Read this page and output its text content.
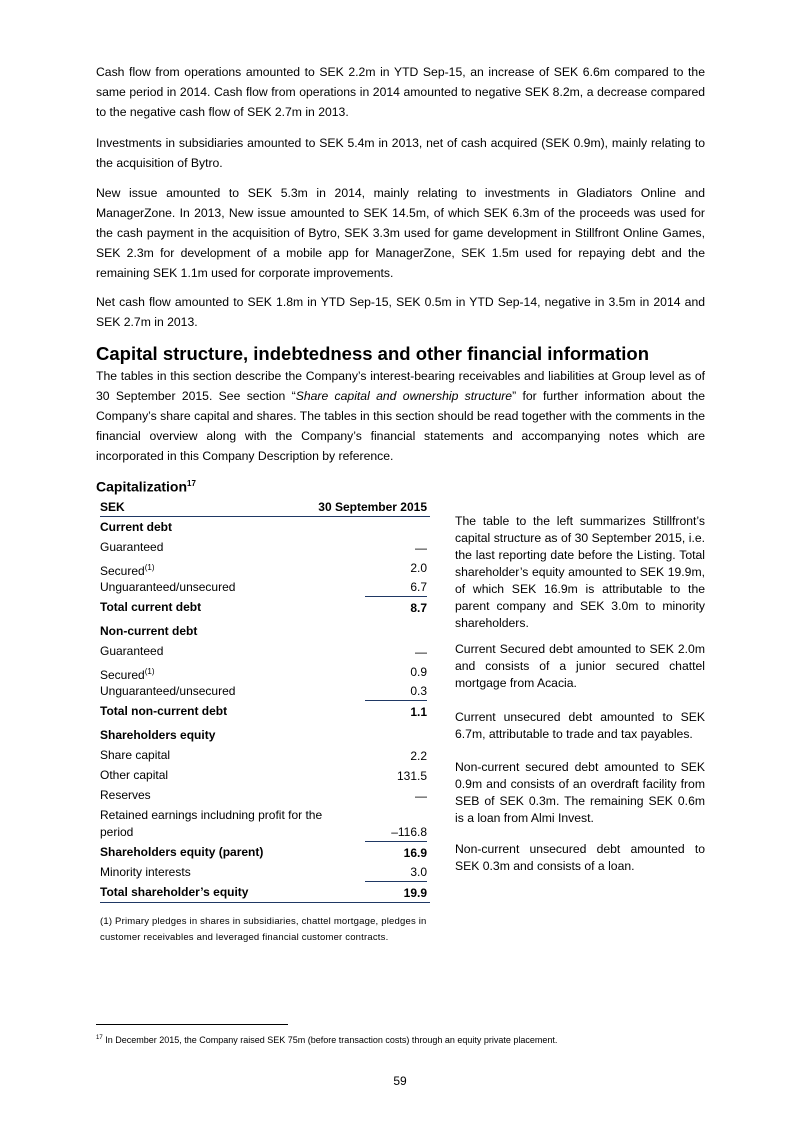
Cash flow from operations amounted to SEK 2.2m in YTD Sep-15, an increase of SEK 6.6m compared to the same period in 2014. Cash flow from operations in 2014 amounted to negative SEK 8.2m, a decrease compared to the negative cash flow of SEK 2.7m in 2013.

Investments in subsidiaries amounted to SEK 5.4m in 2013, net of cash acquired (SEK 0.9m), mainly relating to the acquisition of Bytro.

New issue amounted to SEK 5.3m in 2014, mainly relating to investments in Gladiators Online and ManagerZone. In 2013, New issue amounted to SEK 14.5m, of which SEK 6.3m of the proceeds was used for the cash payment in the acquisition of Bytro, SEK 3.3m used for game development in Stillfront Online Games, SEK 2.3m for development of a mobile app for ManagerZone, SEK 1.5m used for repaying debt and the remaining SEK 1.1m used for corporate improvements.

Net cash flow amounted to SEK 1.8m in YTD Sep-15, SEK 0.5m in YTD Sep-14, negative in 3.5m in 2014 and SEK 2.7m in 2013.

Capital structure, indebtedness and other financial information

The tables in this section describe the Company’s interest-bearing receivables and liabilities at Group level as of 30 September 2015. See section “Share capital and ownership structure” for further information about the Company’s share capital and shares. The tables in this section should be read together with the comments in the financial overview along with the Company’s financial statements and accompanying notes which are incorporated in this Company Description by reference.

Capitalization$^{17}$
SEK	30 September 2015
Current debt
Guaranteed	—
Secured$^{(1)}$	2.0
Unguaranteed/unsecured	6.7
Total current debt	8.7
Non-current debt
Guaranteed	—
Secured$^{(1)}$	0.9
Unguaranteed/unsecured	0.3
Total non-current debt	1.1
Shareholders equity
Share capital	2.2
Other capital	131.5
Reserves	—
Retained earnings includning profit for the period	–116.8
Shareholders equity (parent)	16.9
Minority interests	3.0
Total shareholder’s equity	19.9
(1) Primary pledges in shares in subsidiaries, chattel mortgage, pledges in customer receivables and leveraged financial customer contracts.

The table to the left summarizes Stillfront’s capital structure as of 30 September 2015, i.e. the last reporting date before the Listing. Total shareholder’s equity amounted to SEK 19.9m, of which SEK 16.9m is attributable to the parent company and SEK 3.0m to minority shareholders.

Current Secured debt amounted to SEK 2.0m and consists of a junior secured chattel mortgage from Acacia.

Current unsecured debt amounted to SEK 6.7m, attributable to trade and tax payables.

Non-current secured debt amounted to SEK 0.9m and consists of an overdraft facility from SEB of SEK 0.3m. The remaining SEK 0.6m is a loan from Almi Invest.

Non-current unsecured debt amounted to SEK 0.3m and consists of a loan.

$^{17}$ In December 2015, the Company raised SEK 75m (before transaction costs) through an equity private placement.
59
